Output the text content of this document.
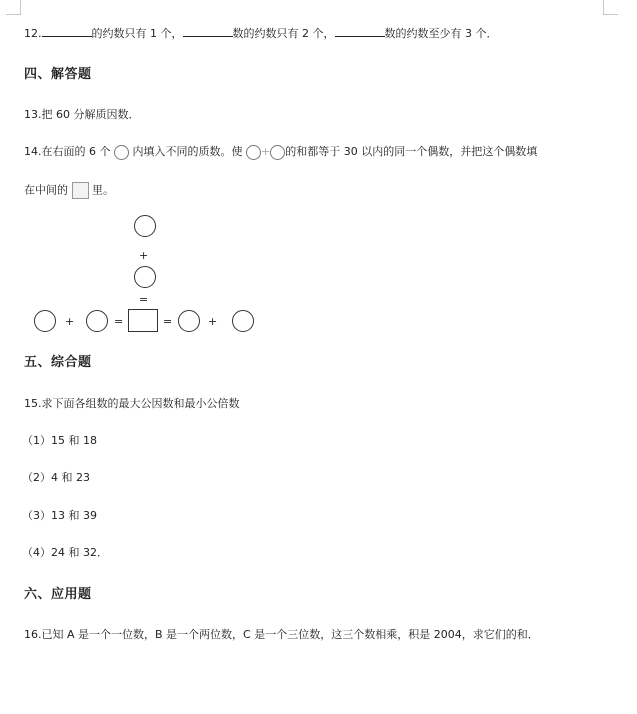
12.	的约数只有 1 个，	数的约数只有 2 个，	数的约数至少有 3 个．
四、解答题
13.把 60 分解质因数．
14.在右面的 6 个  内填入不同的质数。使 + 的和都等于 30 以内的同一个偶数，并把这个偶数填
在中间的  里。
+
=
+	=	=	+
五、综合题
15.求下面各组数的最大公因数和最小公倍数
（1）15 和 18
（2）4 和 23
（3）13 和 39
（4）24 和 32．
六、应用题
16.已知 A 是一个一位数，B 是一个两位数，C 是一个三位数，这三个数相乘，积是 2004，求它们的和．
